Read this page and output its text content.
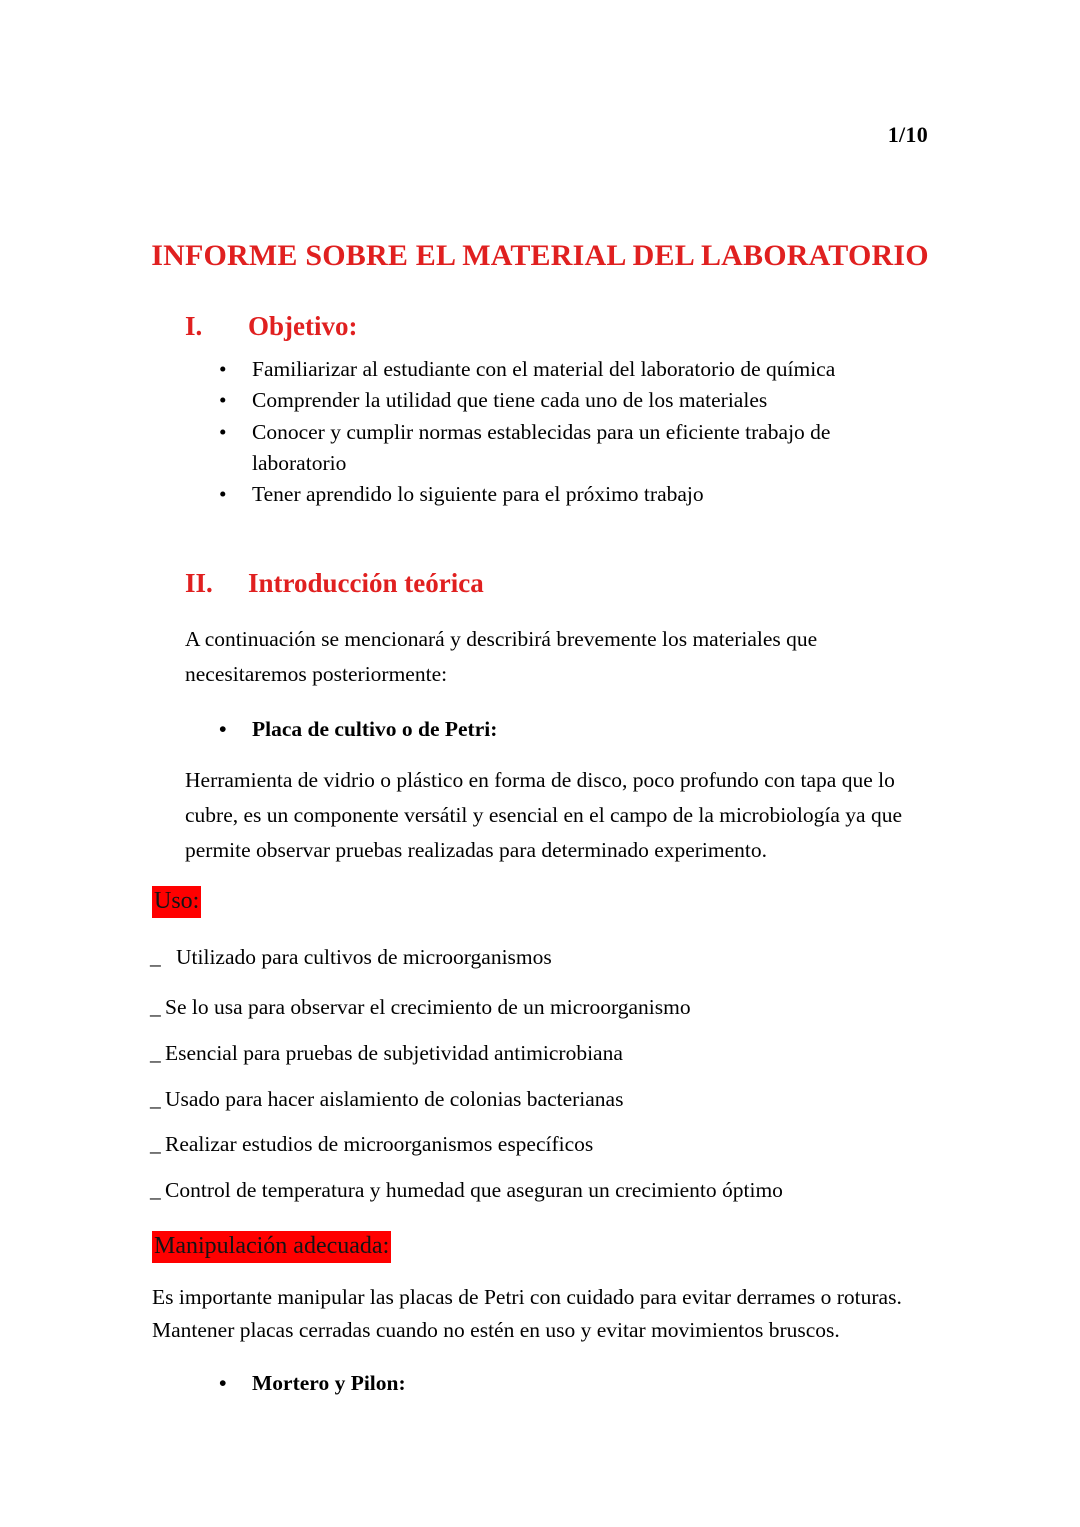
1/10
INFORME SOBRE EL MATERIAL DEL LABORATORIO
I.	Objetivo:
• Familiarizar al estudiante con el material del laboratorio de química
• Comprender la utilidad que tiene cada uno de los materiales
• Conocer y cumplir normas establecidas para un eficiente trabajo de laboratorio
• Tener aprendido lo siguiente para el próximo trabajo
II.	Introducción teórica

A continuación se mencionará y describirá brevemente los materiales que necesitaremos posteriormente:

• Placa de cultivo o de Petri:

Herramienta de vidrio o plástico en forma de disco, poco profundo con tapa que lo cubre, es un componente versátil y esencial en el campo de la microbiología ya que permite observar pruebas realizadas para determinado experimento.

Uso:

_ Utilizado para cultivos de microorganismos
_ Se lo usa para observar el crecimiento de un microorganismo
_ Esencial para pruebas de subjetividad antimicrobiana
_ Usado para hacer aislamiento de colonias bacterianas
_ Realizar estudios de microorganismos específicos
_ Control de temperatura y humedad que aseguran un crecimiento óptimo

Manipulación adecuada:

Es importante manipular las placas de Petri con cuidado para evitar derrames o roturas. Mantener placas cerradas cuando no estén en uso y evitar movimientos bruscos.

• Mortero y Pilon:
